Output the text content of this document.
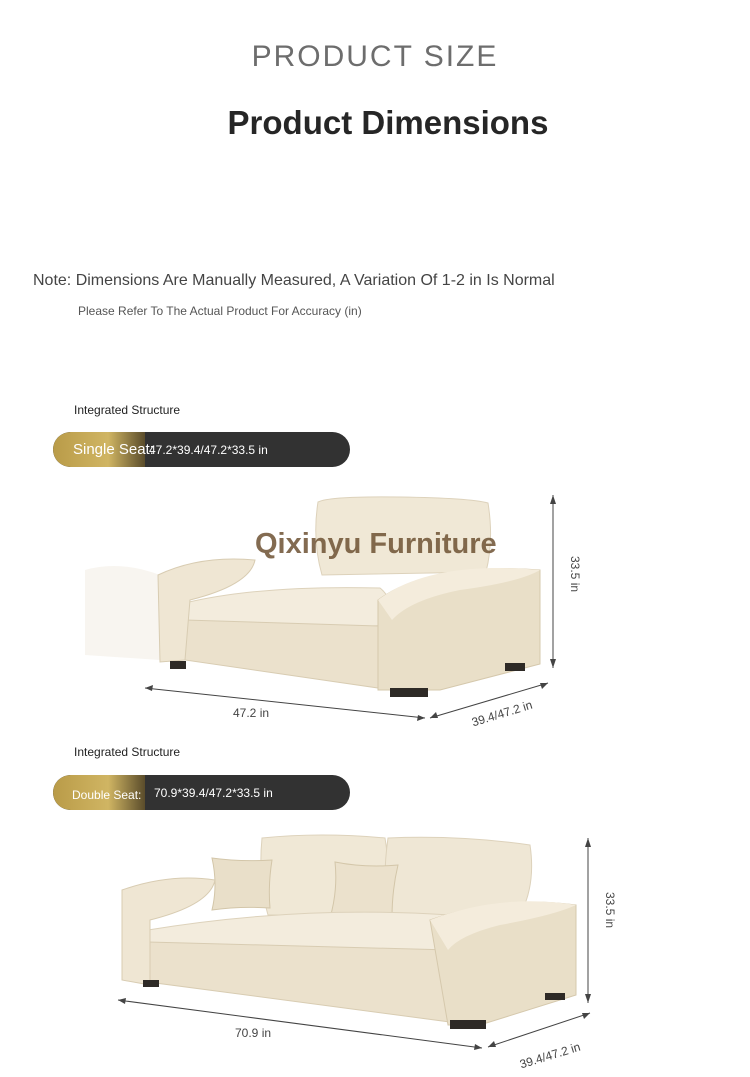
PRODUCT SIZE
Product Dimensions
Note: Dimensions Are Manually Measured, A Variation Of 1-2 in Is Normal
Please Refer To The Actual Product For Accuracy (in)
Integrated Structure
Single Seat:
47.2*39.4/47.2*33.5 in
Qixinyu Furniture
47.2 in	39.4/47.2 in
33.5 in
Integrated Structure
Double Seat: 70.9*39.4/47.2*33.5 in
70.9 in
39.4/47.2 in
33.5 in
